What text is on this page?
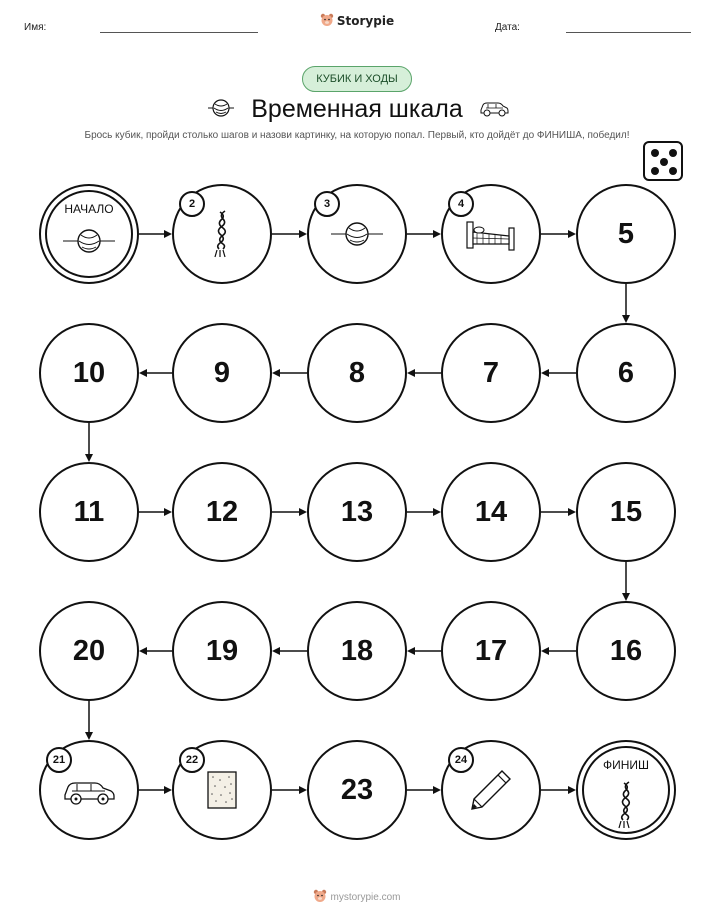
Имя:	Storypie	Дата:
КУБИК И ХОДЫ
Временная шкала
Брось кубик, пройди столько шагов и назови картинку, на которую попал. Первый, кто дойдёт до ФИНИША, победил!
НАЧАЛО	2	3	4
5
6
7
8
9
10
11	12	13	14	15
16
17
18
19
20
21	22
23
24	ФИНИШ
mystorypie.com
